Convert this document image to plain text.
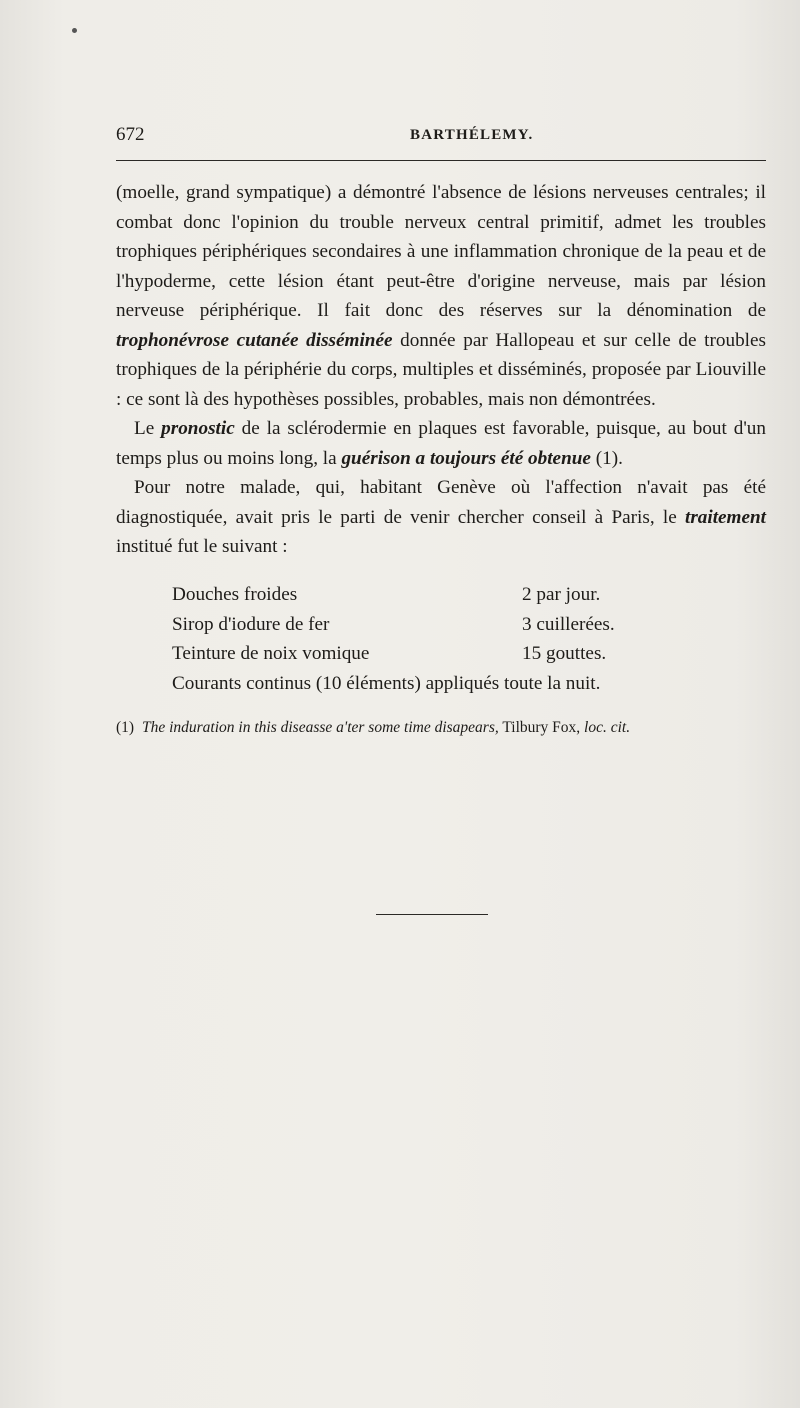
672	BARTHÉLEMY.

(moelle, grand sympatique) a démontré l'absence de lésions nerveuses centrales; il combat donc l'opinion du trouble nerveux central primitif, admet les troubles trophiques périphériques secondaires à une inflammation chronique de la peau et de l'hypoderme, cette lésion étant peut-être d'origine nerveuse, mais par lésion nerveuse périphérique. Il fait donc des réserves sur la dénomination de trophonévrose cutanée disséminée donnée par Hallopeau et sur celle de troubles trophiques de la périphérie du corps, multiples et disséminés, proposée par Liouville : ce sont là des hypothèses possibles, probables, mais non démontrées.

Le pronostic de la sclérodermie en plaques est favorable, puisque, au bout d'un temps plus ou moins long, la guérison a toujours été obtenue (1).

Pour notre malade, qui, habitant Genève où l'affection n'avait pas été diagnostiquée, avait pris le parti de venir chercher conseil à Paris, le traitement institué fut le suivant :

Douches froides	2 par jour.
Sirop d'iodure de fer	3 cuillerées.
Teinture de noix vomique	15 gouttes.
Courants continus (10 éléments) appliqués toute la nuit.
(1) The induration in this diseasse a'ter some time disapears, Tilbury Fox, loc. cit.
